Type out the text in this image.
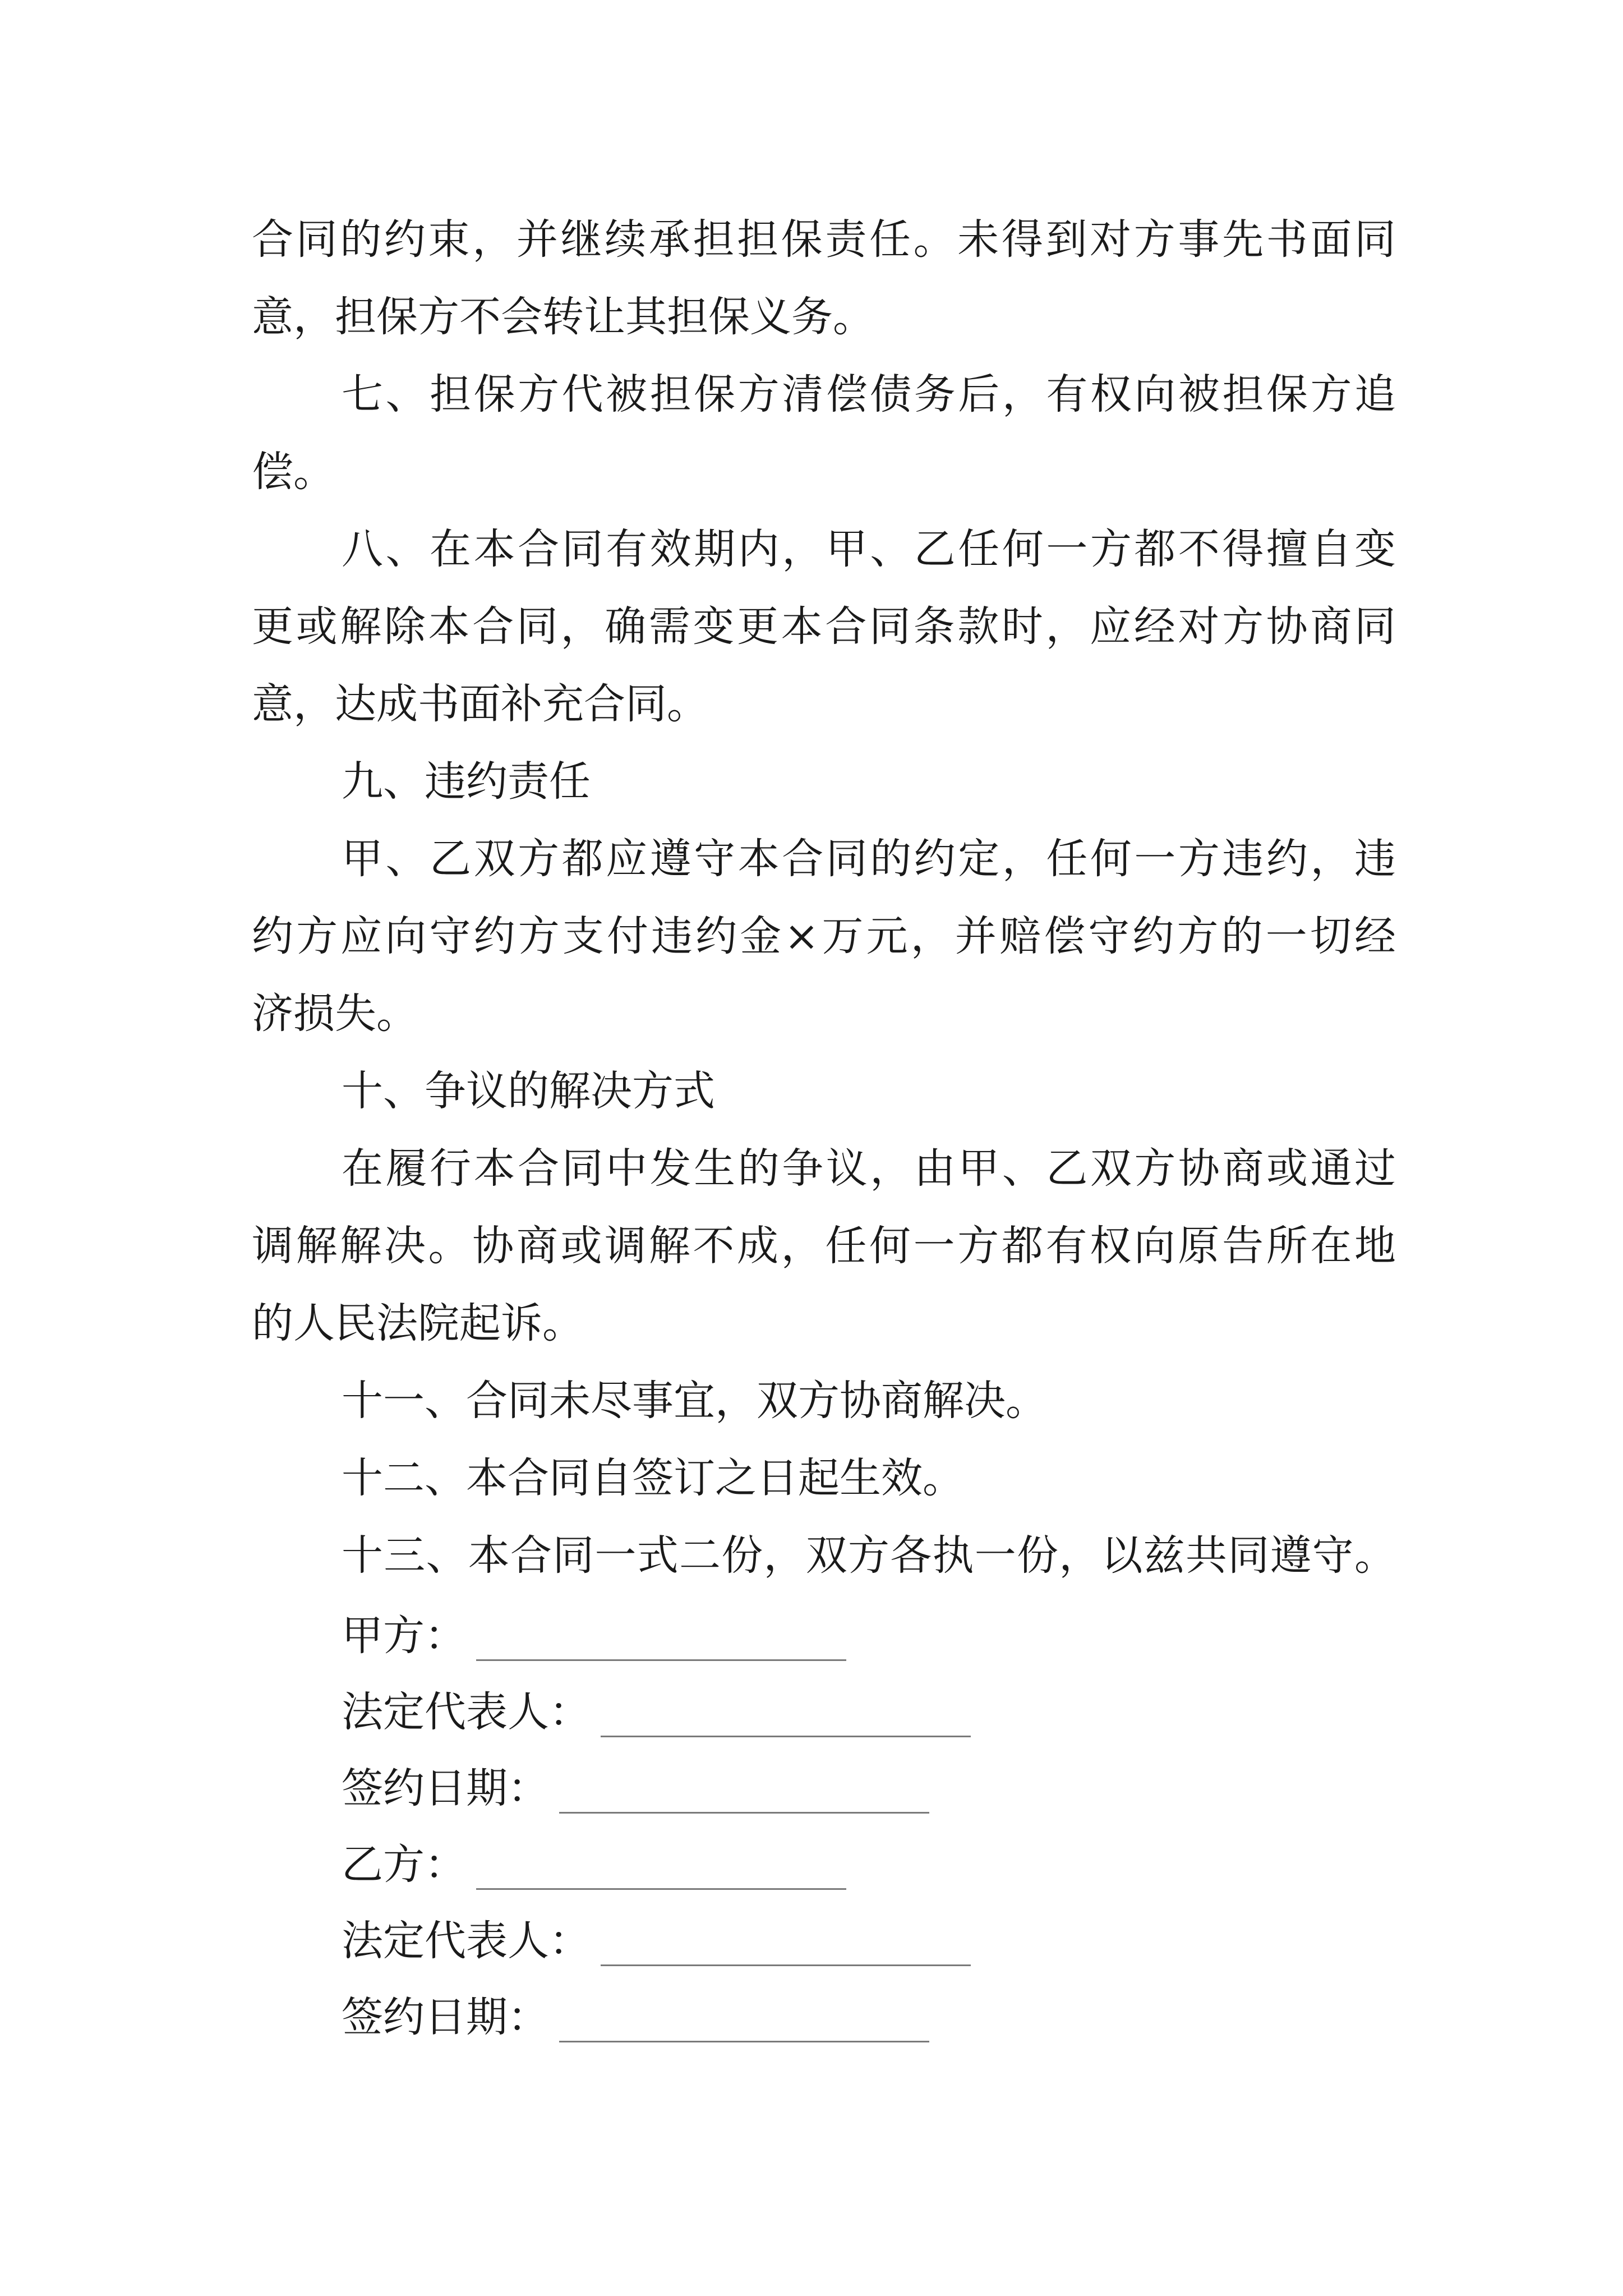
合同的约束，并继续承担担保责任。未得到对方事先书面同
意，担保方不会转让其担保义务。
七、担保方代被担保方清偿债务后，有权向被担保方追
偿。
八、在本合同有效期内，甲、乙任何一方都不得擅自变
更或解除本合同，确需变更本合同条款时，应经对方协商同
意，达成书面补充合同。
九、违约责任
甲、乙双方都应遵守本合同的约定，任何一方违约，违
约方应向守约方支付违约金×万元，并赔偿守约方的一切经
济损失。
十、争议的解决方式
在履行本合同中发生的争议，由甲、乙双方协商或通过
调解解决。协商或调解不成，任何一方都有权向原告所在地
的人民法院起诉。
十一、合同未尽事宜，双方协商解决。
十二、本合同自签订之日起生效。
十三、本合同一式二份，双方各执一份，以兹共同遵守。
甲方：
法定代表人：
签约日期：
乙方：
法定代表人：
签约日期：
